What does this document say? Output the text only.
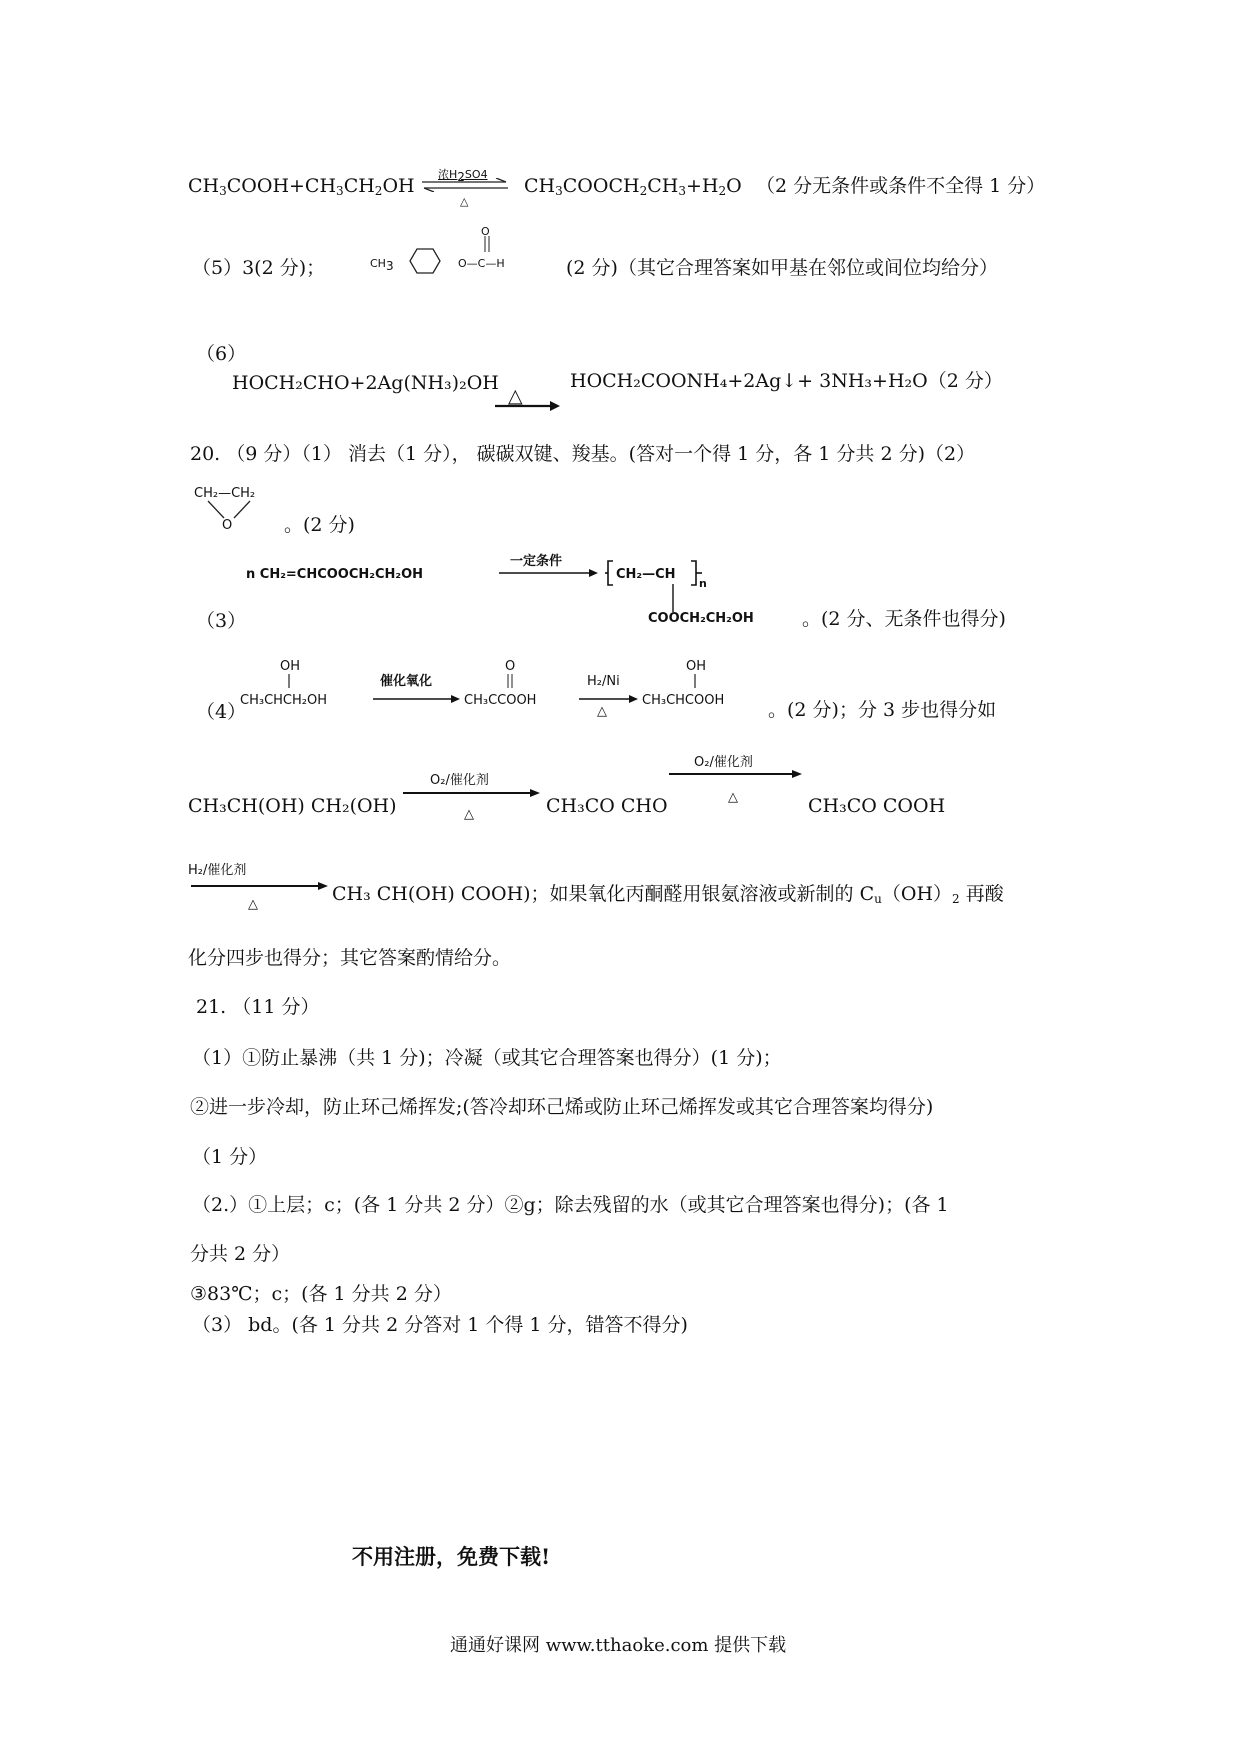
$CH_3COOH+CH_3CH_2OH$
浓$H_2SO4$
△
$CH_3COOCH_2CH_3+H_2O$ （2 分无条件或条件不全得 1 分）
（5）3(2 分)；	$CH_3$
O
O—C—H	(2 分)（其它合理答案如甲基在邻位或间位均给分）
（6）
HOCH₂CHO+2Ag(NH₃)₂OH
△
HOCH₂COONH₄+2Ag↓+ 3NH₃+H₂O（2 分）
20. （9 分）（1） 消去（1 分）， 碳碳双键、羧基。(答对一个得 1 分，各 1 分共 2 分)（2）
CH₂—CH₂
O	。(2 分)
n CH₂=CHCOOCH₂CH₂OH
一定条件
CH₂—CH
n
（3）	COOCH₂CH₂OH	。(2 分、无条件也得分)
OH
（4）
CH₃CHCH₂OH
催化氧化
O
CH₃CCOOH
H₂/Ni
△
OH
CH₃CHCOOH 。(2 分)；分 3 步也得分如
CH₃CH(OH) CH₂(OH)
O₂/催化剂
△	CH₃CO CHO
O₂/催化剂
△	CH₃CO COOH
H₂/催化剂
△	CH₃ CH(OH) COOH)；如果氧化丙酮醛用银氨溶液或新制的 $C_u(OH)_2$ 再酸
化分四步也得分；其它答案酌情给分。
21. （11 分）
（1）①防止暴沸（共 1 分)；冷凝（或其它合理答案也得分）(1 分)；
②进一步冷却，防止环己烯挥发;(答冷却环己烯或防止环己烯挥发或其它合理答案均得分)
（1 分）
（2.）①上层；c；(各 1 分共 2 分）②g；除去残留的水（或其它合理答案也得分)；(各 1
分共 2 分）
③83℃；c；(各 1 分共 2 分）
（3） bd。(各 1 分共 2 分答对 1 个得 1 分，错答不得分)
不用注册，免费下载!
通通好课网 www.tthaoke.com 提供下载
